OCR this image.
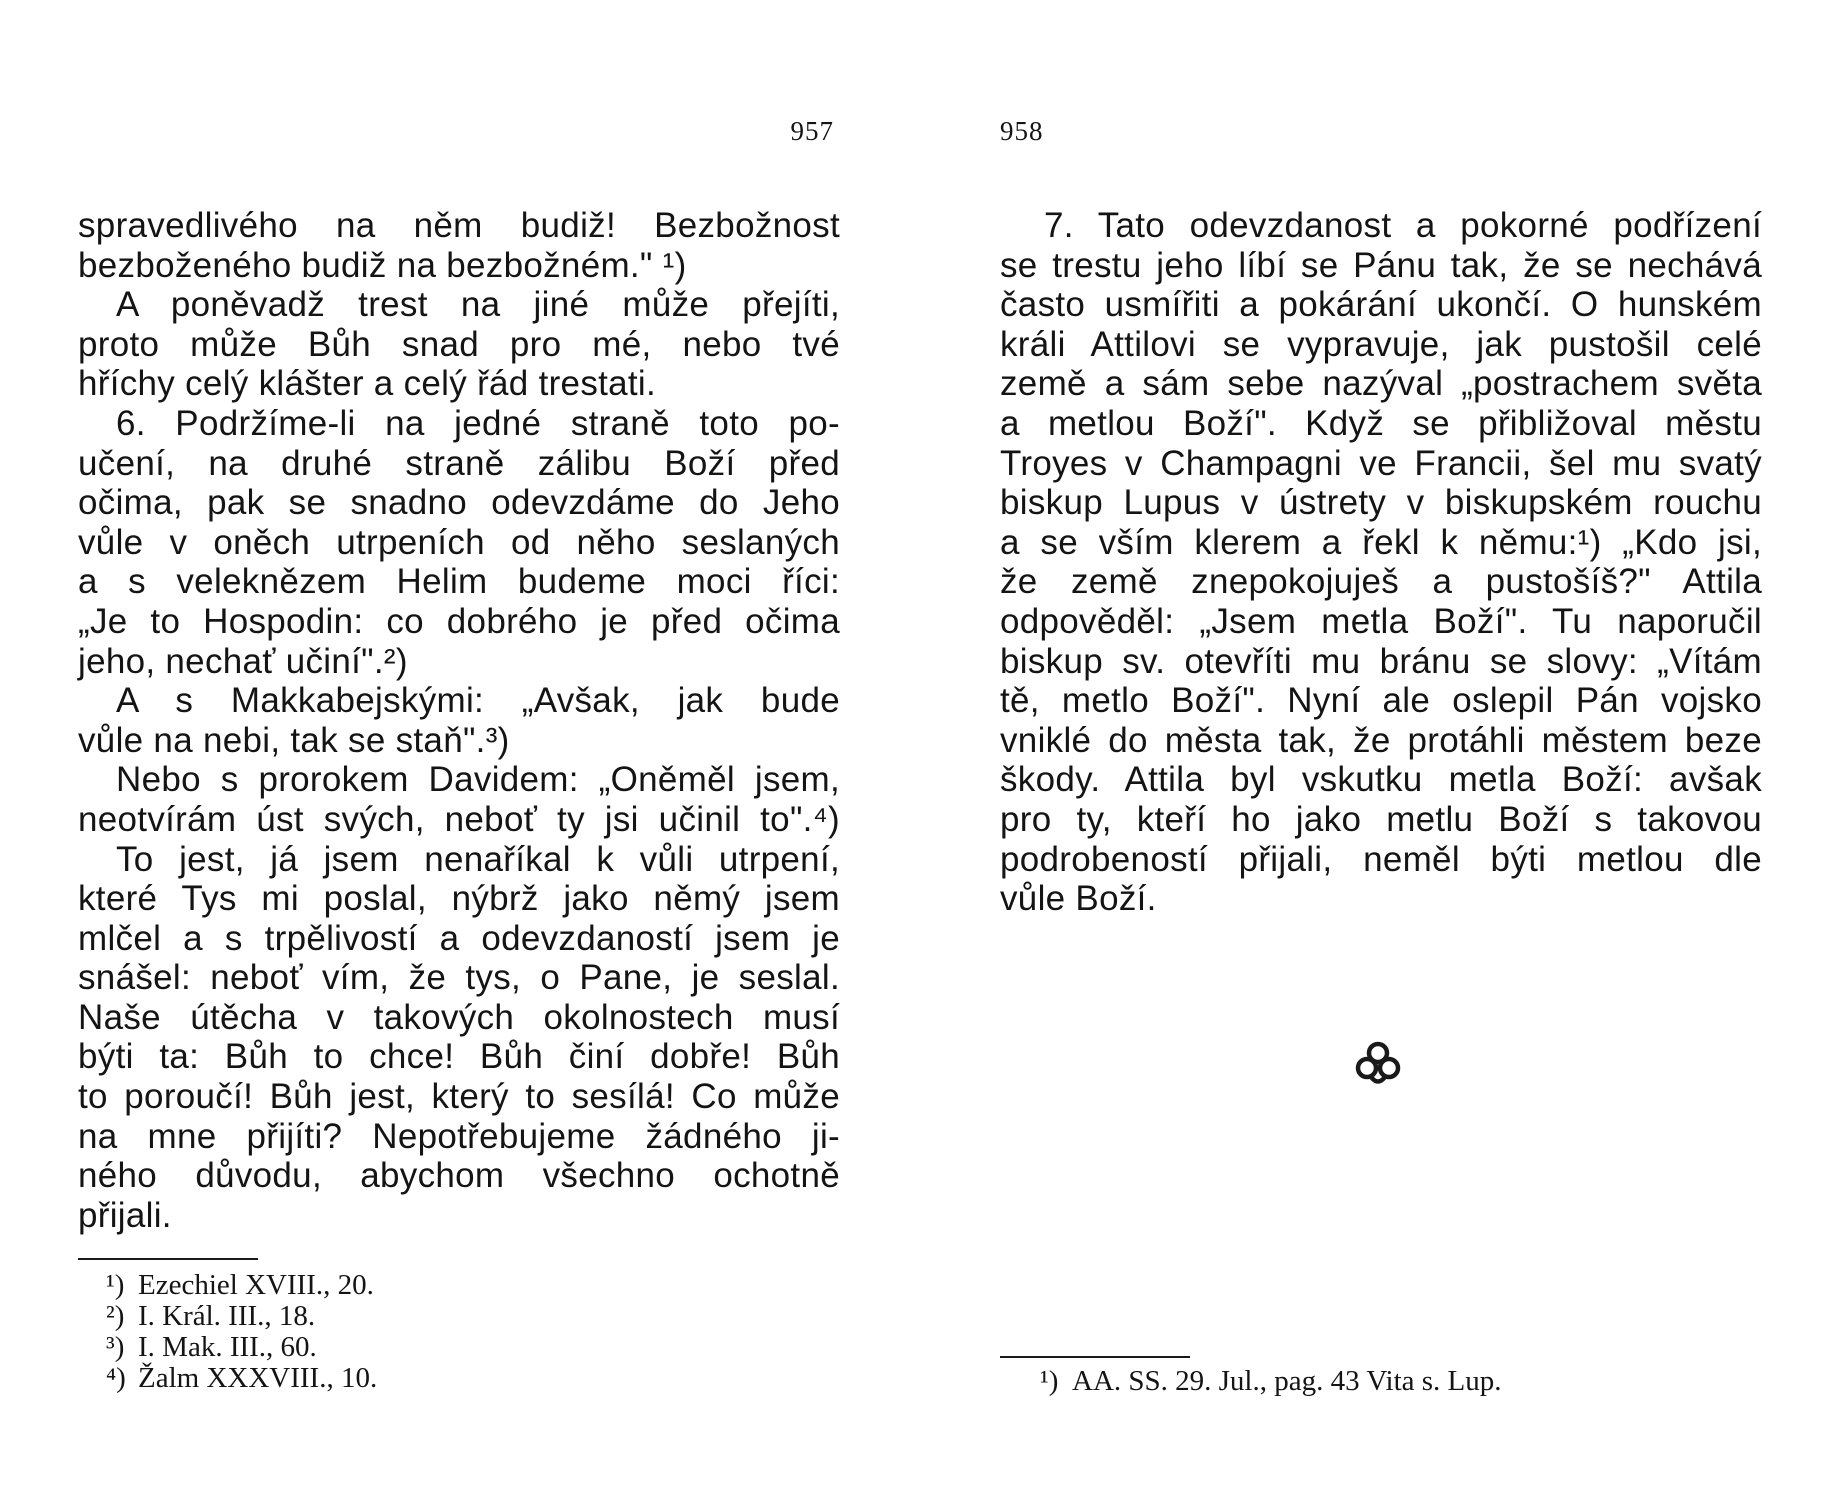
957
spravedlivého na něm budiž! Bezbožnost
bezboženého budiž na bezbožném." ¹)
A poněvadž trest na jiné může přejíti,
proto může Bůh snad pro mé, nebo tvé
hříchy celý klášter a celý řád trestati.
6. Podržíme-li na jedné straně toto po-
učení, na druhé straně zálibu Boží před
očima, pak se snadno odevzdáme do Jeho
vůle v oněch utrpeních od něho seslaných
a s veleknězem Helim budeme moci říci:
„Je to Hospodin: co dobrého je před očima
jeho, nechať učiní".²)
A s Makkabejskými: „Avšak, jak bude
vůle na nebi, tak se staň".³)
Nebo s prorokem Davidem: „Oněměl jsem,
neotvírám úst svých, neboť ty jsi učinil to".⁴)
To jest, já jsem nenaříkal k vůli utrpení,
které Tys mi poslal, nýbrž jako němý jsem
mlčel a s trpělivostí a odevzdaností jsem je
snášel: neboť vím, že tys, o Pane, je seslal.
Naše útěcha v takových okolnostech musí
býti ta: Bůh to chce! Bůh činí dobře! Bůh
to poroučí! Bůh jest, který to sesílá! Co může
na mne přijíti? Nepotřebujeme žádného ji-
ného důvodu, abychom všechno ochotně
přijali.
¹) Ezechiel XVIII., 20.
²) I. Král. III., 18.
³) I. Mak. III., 60.
⁴) Žalm XXXVIII., 10.
958
7. Tato odevzdanost a pokorné podřízení
se trestu jeho líbí se Pánu tak, že se nechává
často usmířiti a pokárání ukončí. O hunském
králi Attilovi se vypravuje, jak pustošil celé
země a sám sebe nazýval „postrachem světa
a metlou Boží". Když se přibližoval městu
Troyes v Champagni ve Francii, šel mu svatý
biskup Lupus v ústrety v biskupském rouchu
a se vším klerem a řekl k němu:¹) „Kdo jsi,
že země znepokojuješ a pustošíš?" Attila
odpověděl: „Jsem metla Boží". Tu naporučil
biskup sv. otevříti mu bránu se slovy: „Vítám
tě, metlo Boží". Nyní ale oslepil Pán vojsko
vniklé do města tak, že protáhli městem beze
škody. Attila byl vskutku metla Boží: avšak
pro ty, kteří ho jako metlu Boží s takovou
podrobeností přijali, neměl býti metlou dle
vůle Boží.
¹) AA. SS. 29. Jul., pag. 43 Vita s. Lup.
